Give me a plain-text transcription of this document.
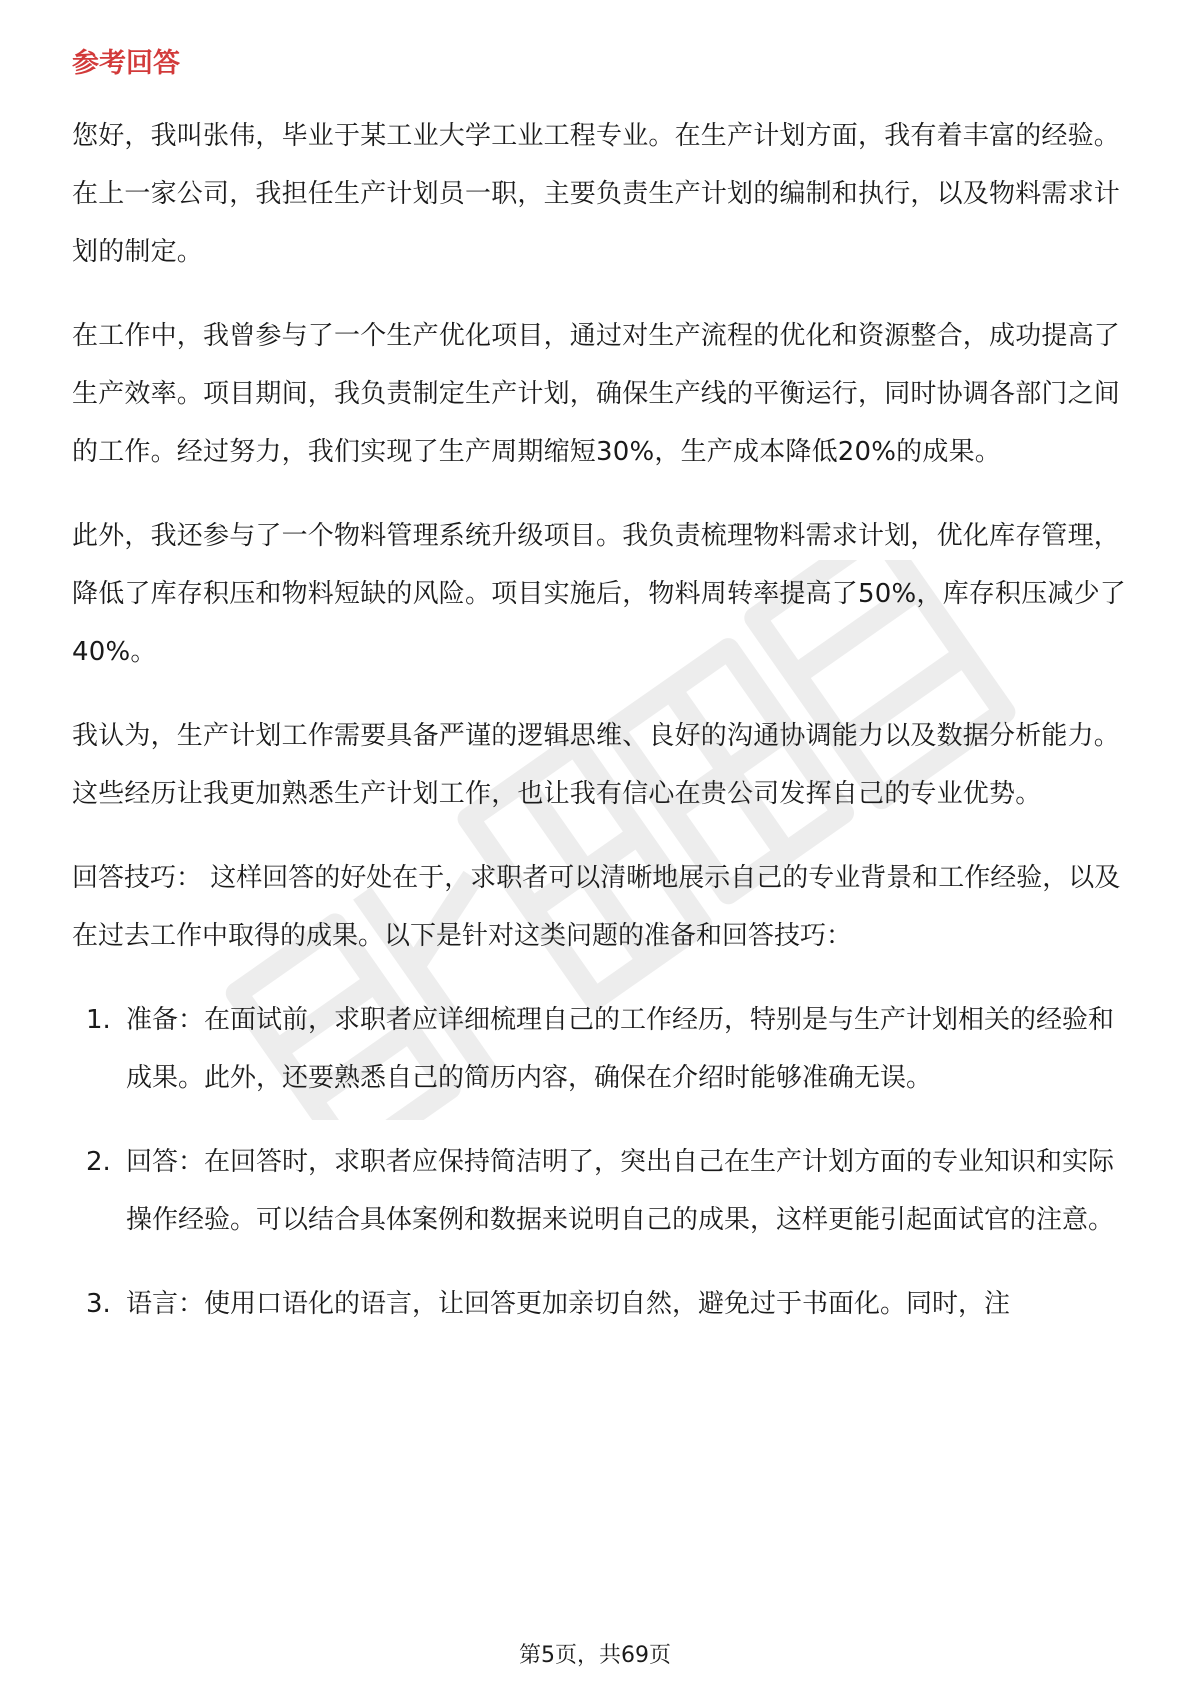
参考回答

您好，我叫张伟，毕业于某工业大学工业工程专业。在生产计划方面，我有着丰富的经验。在上一家公司，我担任生产计划员一职，主要负责生产计划的编制和执行，以及物料需求计划的制定。

在工作中，我曾参与了一个生产优化项目，通过对生产流程的优化和资源整合，成功提高了生产效率。项目期间，我负责制定生产计划，确保生产线的平衡运行，同时协调各部门之间的工作。经过努力，我们实现了生产周期缩短30%，生产成本降低20%的成果。

此外，我还参与了一个物料管理系统升级项目。我负责梳理物料需求计划，优化库存管理，降低了库存积压和物料短缺的风险。项目实施后，物料周转率提高了50%，库存积压减少了40%。

我认为，生产计划工作需要具备严谨的逻辑思维、良好的沟通协调能力以及数据分析能力。这些经历让我更加熟悉生产计划工作，也让我有信心在贵公司发挥自己的专业优势。

回答技巧： 这样回答的好处在于，求职者可以清晰地展示自己的专业背景和工作经验，以及在过去工作中取得的成果。以下是针对这类问题的准备和回答技巧：

1. 准备：在面试前，求职者应详细梳理自己的工作经历，特别是与生产计划相关的经验和成果。此外，还要熟悉自己的简历内容，确保在介绍时能够准确无误。
2. 回答：在回答时，求职者应保持简洁明了，突出自己在生产计划方面的专业知识和实际操作经验。可以结合具体案例和数据来说明自己的成果，这样更能引起面试官的注意。
3. 语言：使用口语化的语言，让回答更加亲切自然，避免过于书面化。同时，注
第5页，共69页
